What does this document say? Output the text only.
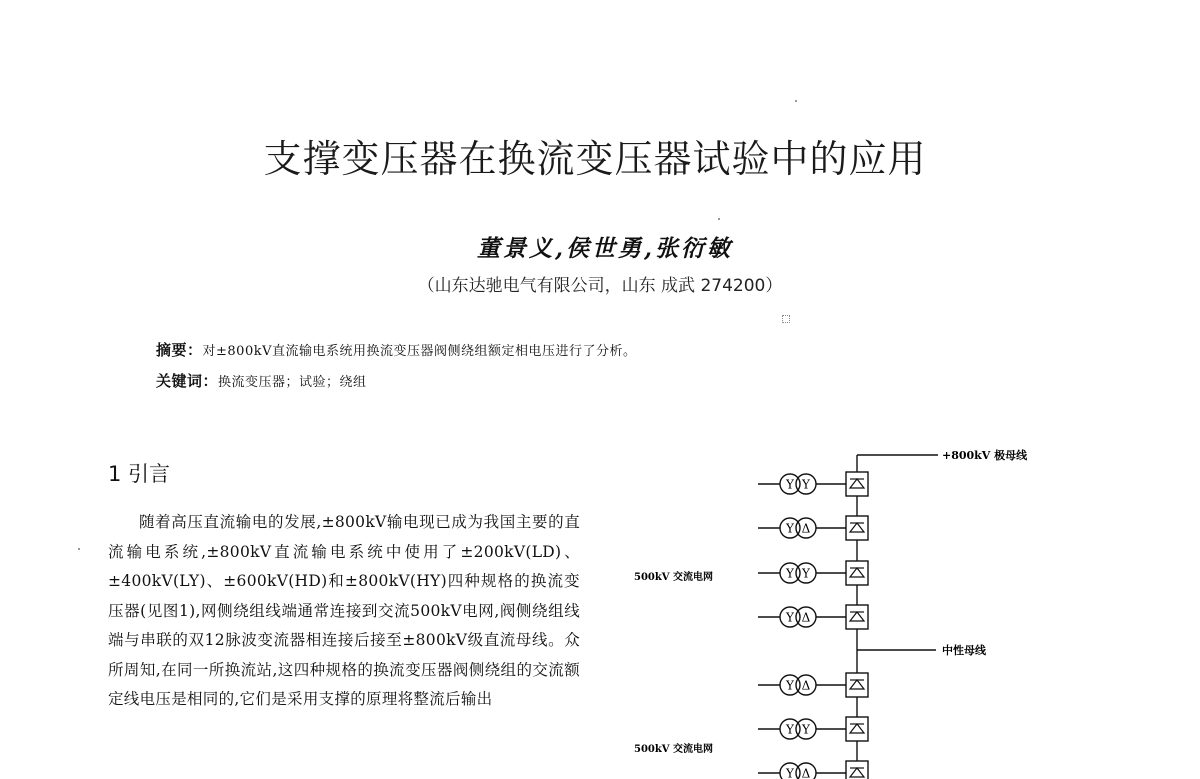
支撑变压器在换流变压器试验中的应用
董景义,侯世勇,张衍敏
（山东达驰电气有限公司，山东 成武 274200）
摘要：对±800kV直流输电系统用换流变压器阀侧绕组额定相电压进行了分析。
关键词：换流变压器；试验；绕组
1 引言

随着高压直流输电的发展,±800kV输电现已成为我国主要的直流输电系统,±800kV直流输电系统中使用了±200kV(LD)、±400kV(LY)、±600kV(HD)和±800kV(HY)四种规格的换流变压器(见图1),网侧绕组线端通常连接到交流500kV电网,阀侧绕组线端与串联的双12脉波变流器相连接后接至±800kV级直流母线。众所周知,在同一所换流站,这四种规格的换流变压器阀侧绕组的交流额定线电压是相同的,它们是采用支撑的原理将整流后输出

Y Y
Y Δ
Y Y
Y Δ
Y Δ
Y Y
Y Δ
+800kV 极母线
中性母线
500kV 交流电网
500kV 交流电网
